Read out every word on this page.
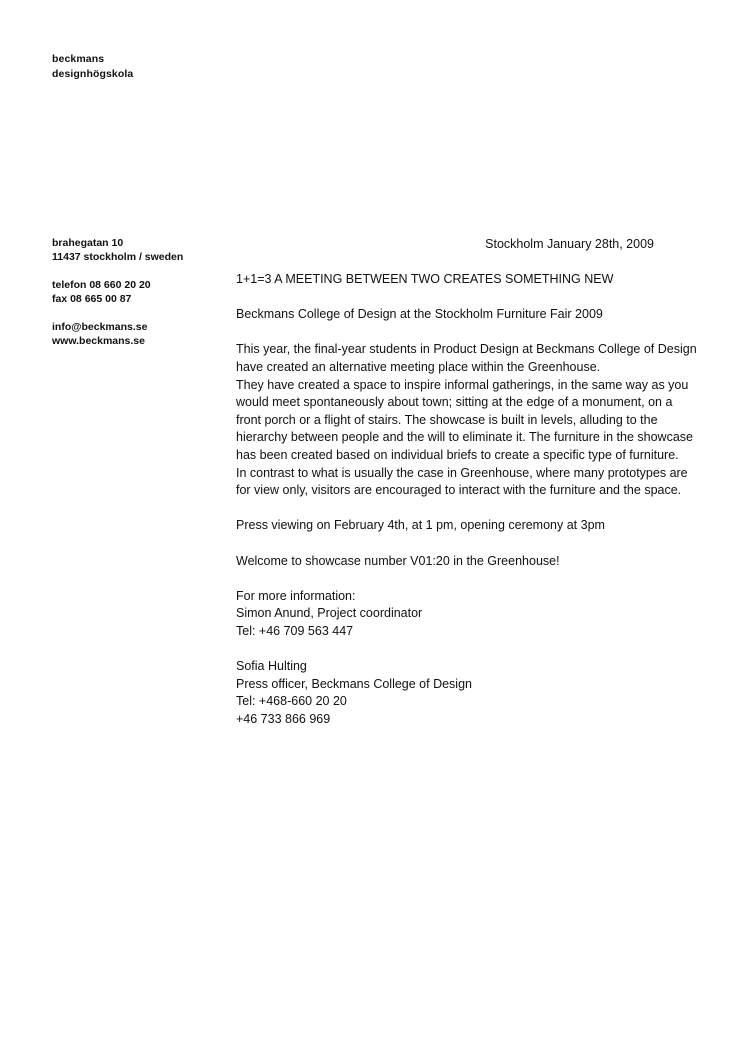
beckmans
designhögskola
brahegatan 10
11437 stockholm / sweden
telefon 08 660 20 20
fax 08 665 00 87
info@beckmans.se
www.beckmans.se
Stockholm January 28th, 2009

1+1=3 A MEETING BETWEEN TWO CREATES SOMETHING NEW

Beckmans College of Design at the Stockholm Furniture Fair 2009

This year, the final-year students in Product Design at Beckmans College of Design
have created an alternative meeting place within the Greenhouse.
They have created a space to inspire informal gatherings, in the same way as you
would meet spontaneously about town; sitting at the edge of a monument, on a
front porch or a flight of stairs. The showcase is built in levels, alluding to the
hierarchy between people and the will to eliminate it. The furniture in the showcase
has been created based on individual briefs to create a specific type of furniture.
In contrast to what is usually the case in Greenhouse, where many prototypes are
for view only, visitors are encouraged to interact with the furniture and the space.

Press viewing on February 4th, at 1 pm, opening ceremony at 3pm

Welcome to showcase number V01:20 in the Greenhouse!

For more information:
Simon Anund, Project coordinator
Tel: +46 709 563 447

Sofia Hulting
Press officer, Beckmans College of Design
Tel: +468-660 20 20
+46 733 866 969
